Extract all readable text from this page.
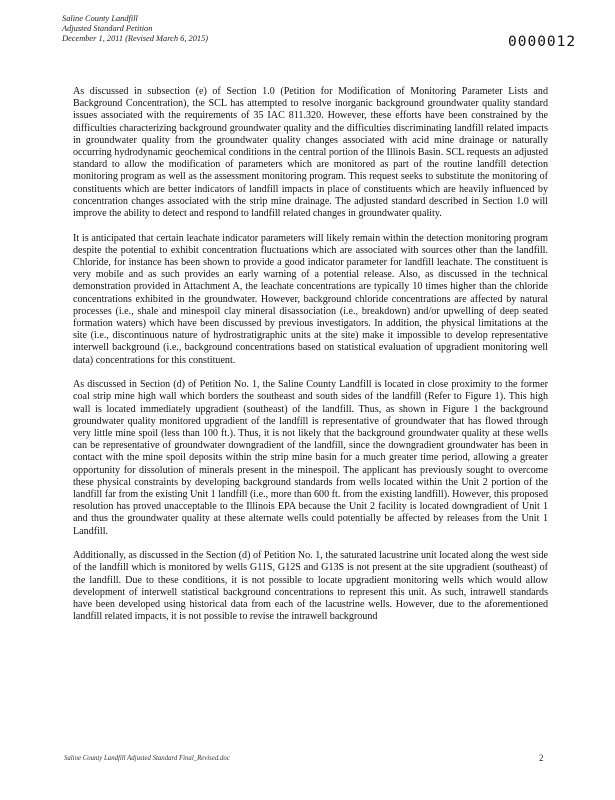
Saline County Landfill
Adjusted Standard Petition
December 1, 2011 (Revised March 6, 2015)	0000012

As discussed in subsection (e) of Section 1.0 (Petition for Modification of Monitoring Parameter Lists and Background Concentration), the SCL has attempted to resolve inorganic background groundwater quality standard issues associated with the requirements of 35 IAC 811.320. However, these efforts have been constrained by the difficulties characterizing background groundwater quality and the difficulties discriminating landfill related impacts in groundwater quality from the groundwater quality changes associated with acid mine drainage or naturally occurring hydrodynamic geochemical conditions in the central portion of the Illinois Basin. SCL requests an adjusted standard to allow the modification of parameters which are monitored as part of the routine landfill detection monitoring program as well as the assessment monitoring program. This request seeks to substitute the monitoring of constituents which are better indicators of landfill impacts in place of constituents which are heavily influenced by concentration changes associated with the strip mine drainage. The adjusted standard described in Section 1.0 will improve the ability to detect and respond to landfill related changes in groundwater quality.

It is anticipated that certain leachate indicator parameters will likely remain within the detection monitoring program despite the potential to exhibit concentration fluctuations which are associated with sources other than the landfill. Chloride, for instance has been shown to provide a good indicator parameter for landfill leachate. The constituent is very mobile and as such provides an early warning of a potential release. Also, as discussed in the technical demonstration provided in Attachment A, the leachate concentrations are typically 10 times higher than the chloride concentrations exhibited in the groundwater. However, background chloride concentrations are affected by natural processes (i.e., shale and minespoil clay mineral disassociation (i.e., breakdown) and/or upwelling of deep seated formation waters) which have been discussed by previous investigators. In addition, the physical limitations at the site (i.e., discontinuous nature of hydrostratigraphic units at the site) make it impossible to develop representative interwell background (i.e., background concentrations based on statistical evaluation of upgradient monitoring well data) concentrations for this constituent.

As discussed in Section (d) of Petition No. 1, the Saline County Landfill is located in close proximity to the former coal strip mine high wall which borders the southeast and south sides of the landfill (Refer to Figure 1). This high wall is located immediately upgradient (southeast) of the landfill. Thus, as shown in Figure 1 the background groundwater quality monitored upgradient of the landfill is representative of groundwater that has flowed through very little mine spoil (less than 100 ft.). Thus, it is not likely that the background groundwater quality at these wells can be representative of groundwater downgradient of the landfill, since the downgradient groundwater has been in contact with the mine spoil deposits within the strip mine basin for a much greater time period, allowing a greater opportunity for dissolution of minerals present in the minespoil. The applicant has previously sought to overcome these physical constraints by developing background standards from wells located within the Unit 2 portion of the landfill far from the existing Unit 1 landfill (i.e., more than 600 ft. from the existing landfill). However, this proposed resolution has proved unacceptable to the Illinois EPA because the Unit 2 facility is located downgradient of Unit 1 and thus the groundwater quality at these alternate wells could potentially be affected by releases from the Unit 1 Landfill.

Additionally, as discussed in the Section (d) of Petition No. 1, the saturated lacustrine unit located along the west side of the landfill which is monitored by wells G11S, G12S and G13S is not present at the site upgradient (southeast) of the landfill. Due to these conditions, it is not possible to locate upgradient monitoring wells which would allow development of interwell statistical background concentrations to represent this unit. As such, intrawell standards have been developed using historical data from each of the lacustrine wells. However, due to the aforementioned landfill related impacts, it is not possible to revise the intrawell background

Saline County Landfill Adjusted Standard Final_Revised.doc	2
